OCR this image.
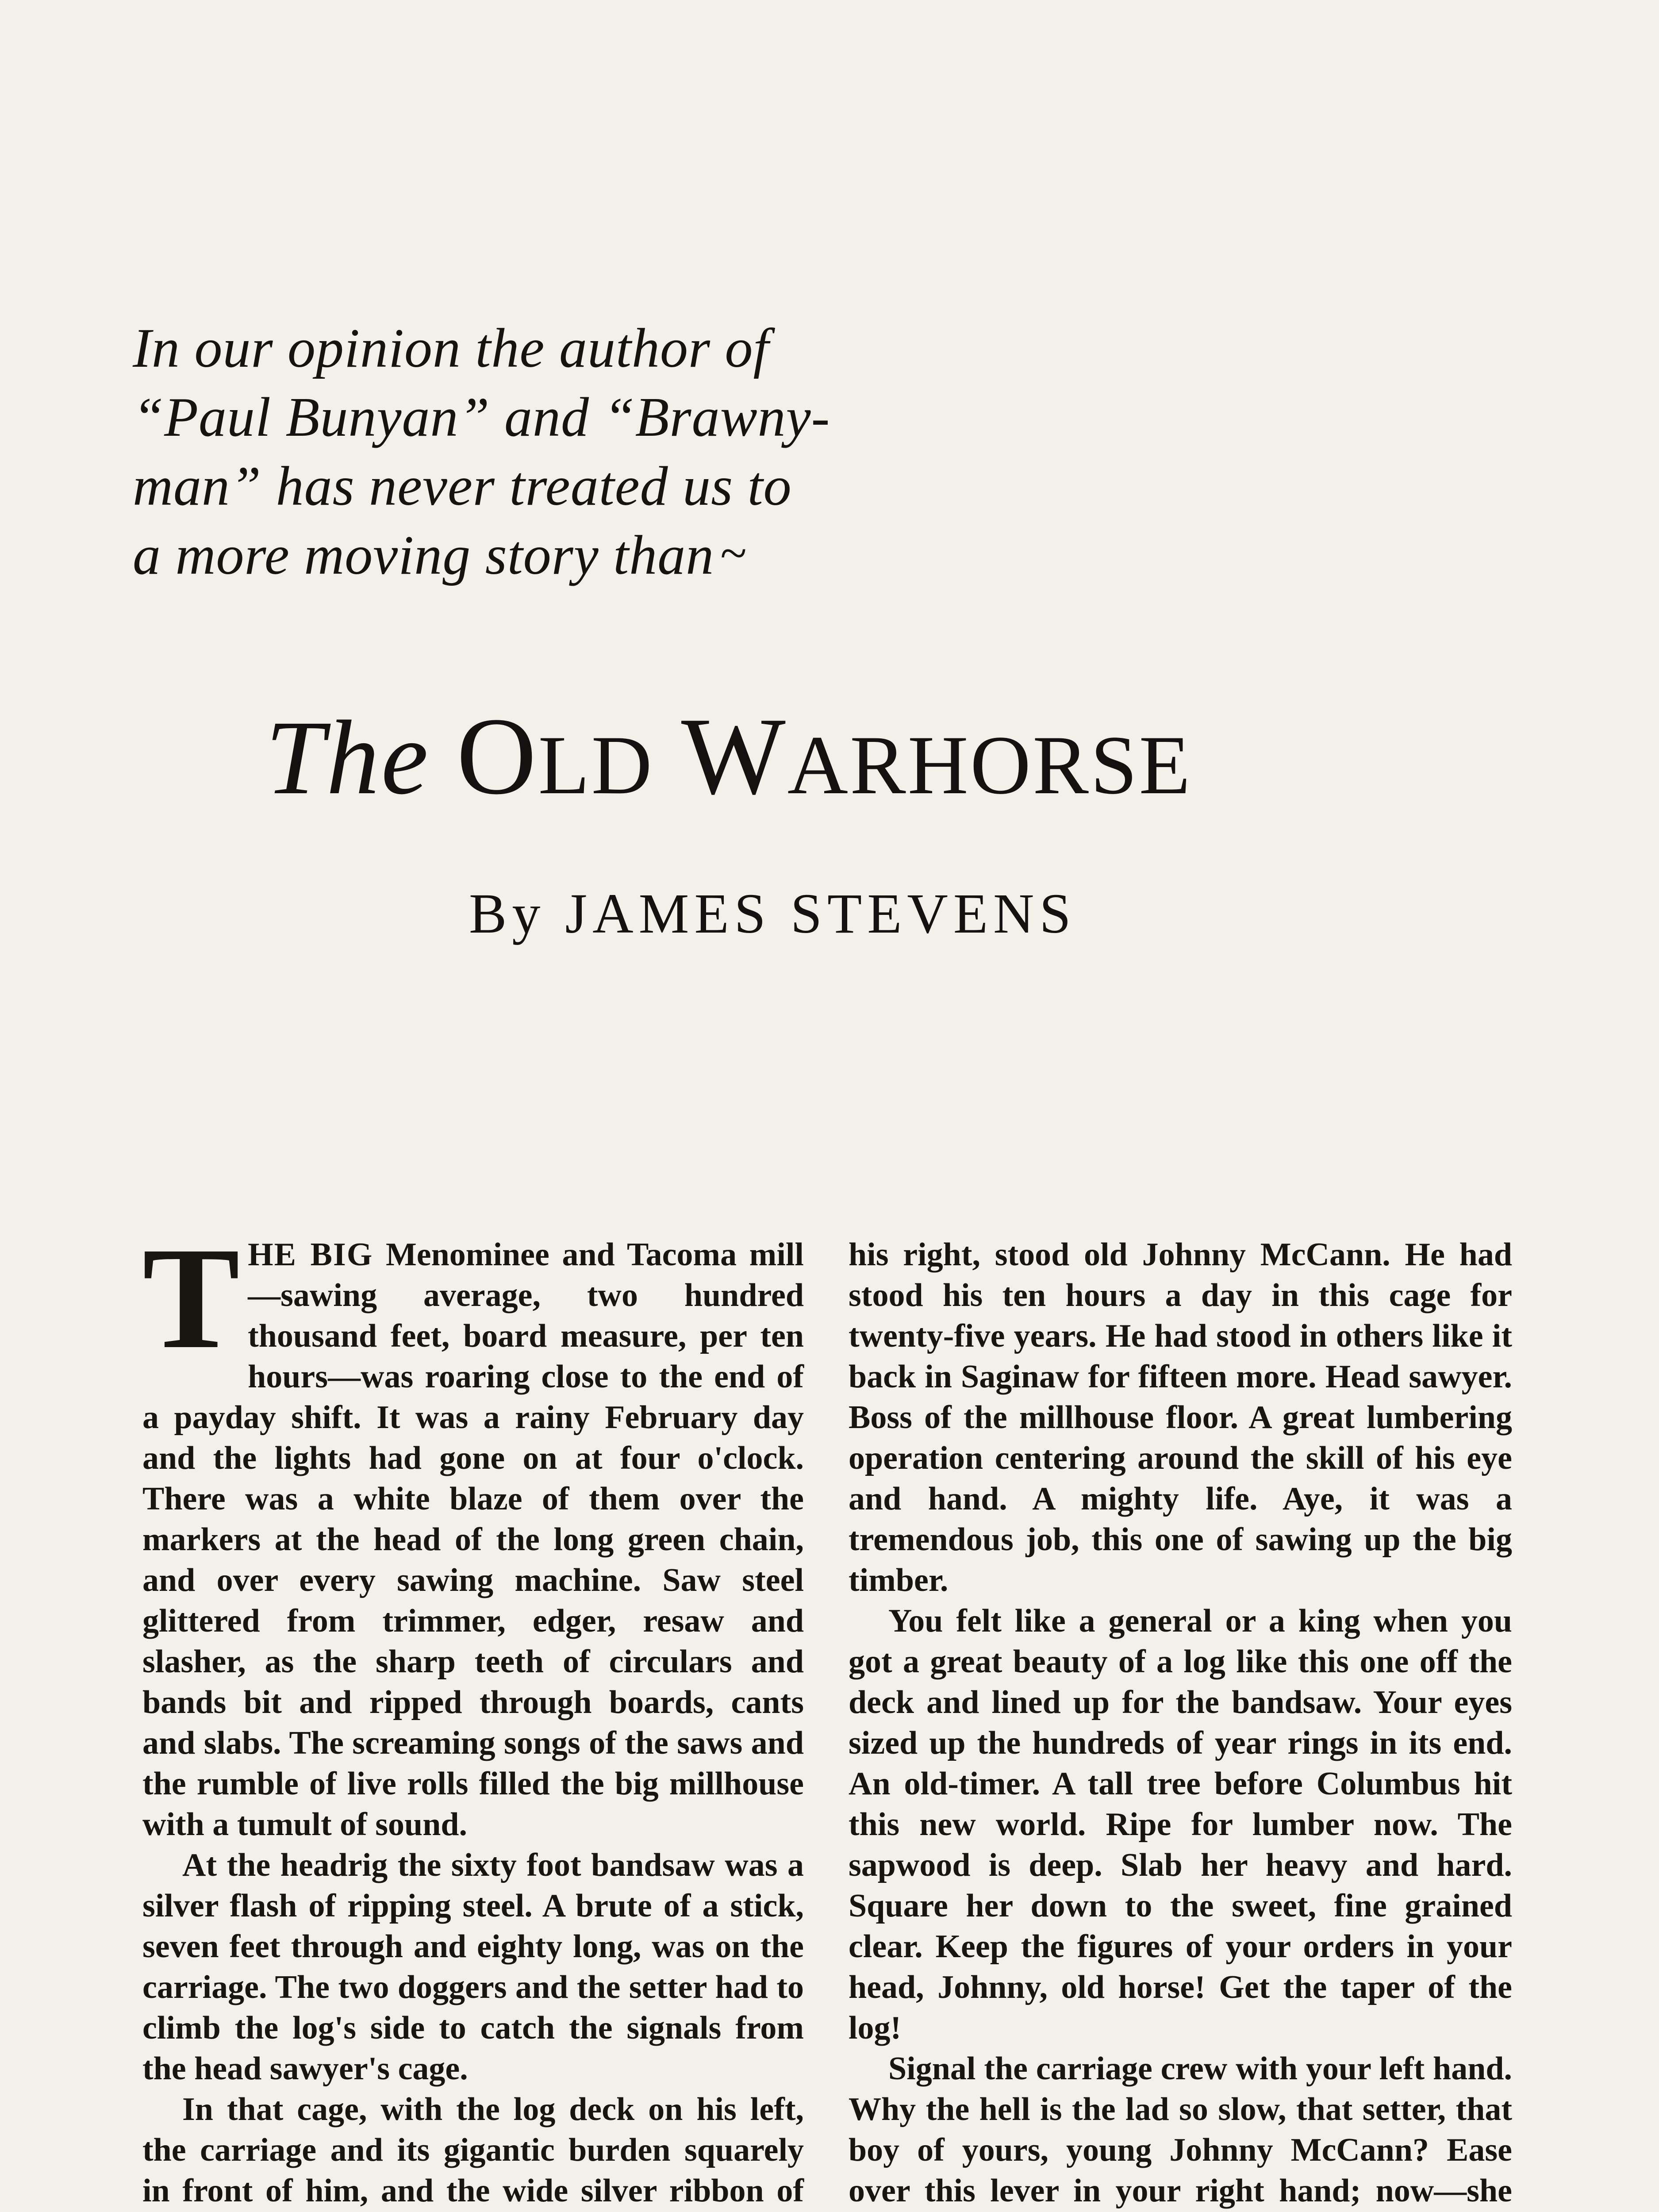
In our opinion the author of
“Paul Bunyan” and “Brawny-
man” has never treated us to
a more moving story than ~
The OLD WARHORSE
By JAMES STEVENS

THE BIG Menominee and Tacoma mill—sawing average, two hundred thousand feet, board measure, per ten hours—was roaring close to the end of a payday shift. It was a rainy February day and the lights had gone on at four o'clock. There was a white blaze of them over the markers at the head of the long green chain, and over every sawing machine. Saw steel glittered from trimmer, edger, resaw and slasher, as the sharp teeth of circulars and bands bit and ripped through boards, cants and slabs. The screaming songs of the saws and the rumble of live rolls filled the big millhouse with a tumult of sound.

At the headrig the sixty foot bandsaw was a silver flash of ripping steel. A brute of a stick, seven feet through and eighty long, was on the carriage. The two doggers and the setter had to climb the log's side to catch the signals from the head sawyer's cage.

In that cage, with the log deck on his left, the carriage and its gigantic burden squarely in front of him, and the wide silver ribbon of

his right, stood old Johnny McCann. He had stood his ten hours a day in this cage for twenty-five years. He had stood in others like it back in Saginaw for fifteen more. Head sawyer. Boss of the millhouse floor. A great lumbering operation centering around the skill of his eye and hand. A mighty life. Aye, it was a tremendous job, this one of sawing up the big timber.

You felt like a general or a king when you got a great beauty of a log like this one off the deck and lined up for the bandsaw. Your eyes sized up the hundreds of year rings in its end. An old-timer. A tall tree before Columbus hit this new world. Ripe for lumber now. The sapwood is deep. Slab her heavy and hard. Square her down to the sweet, fine grained clear. Keep the figures of your orders in your head, Johnny, old horse! Get the taper of the log!

Signal the carriage crew with your left hand. Why the hell is the lad so slow, that setter, that boy of yours, young Johnny McCann? Ease over this lever in your right hand; now—she
